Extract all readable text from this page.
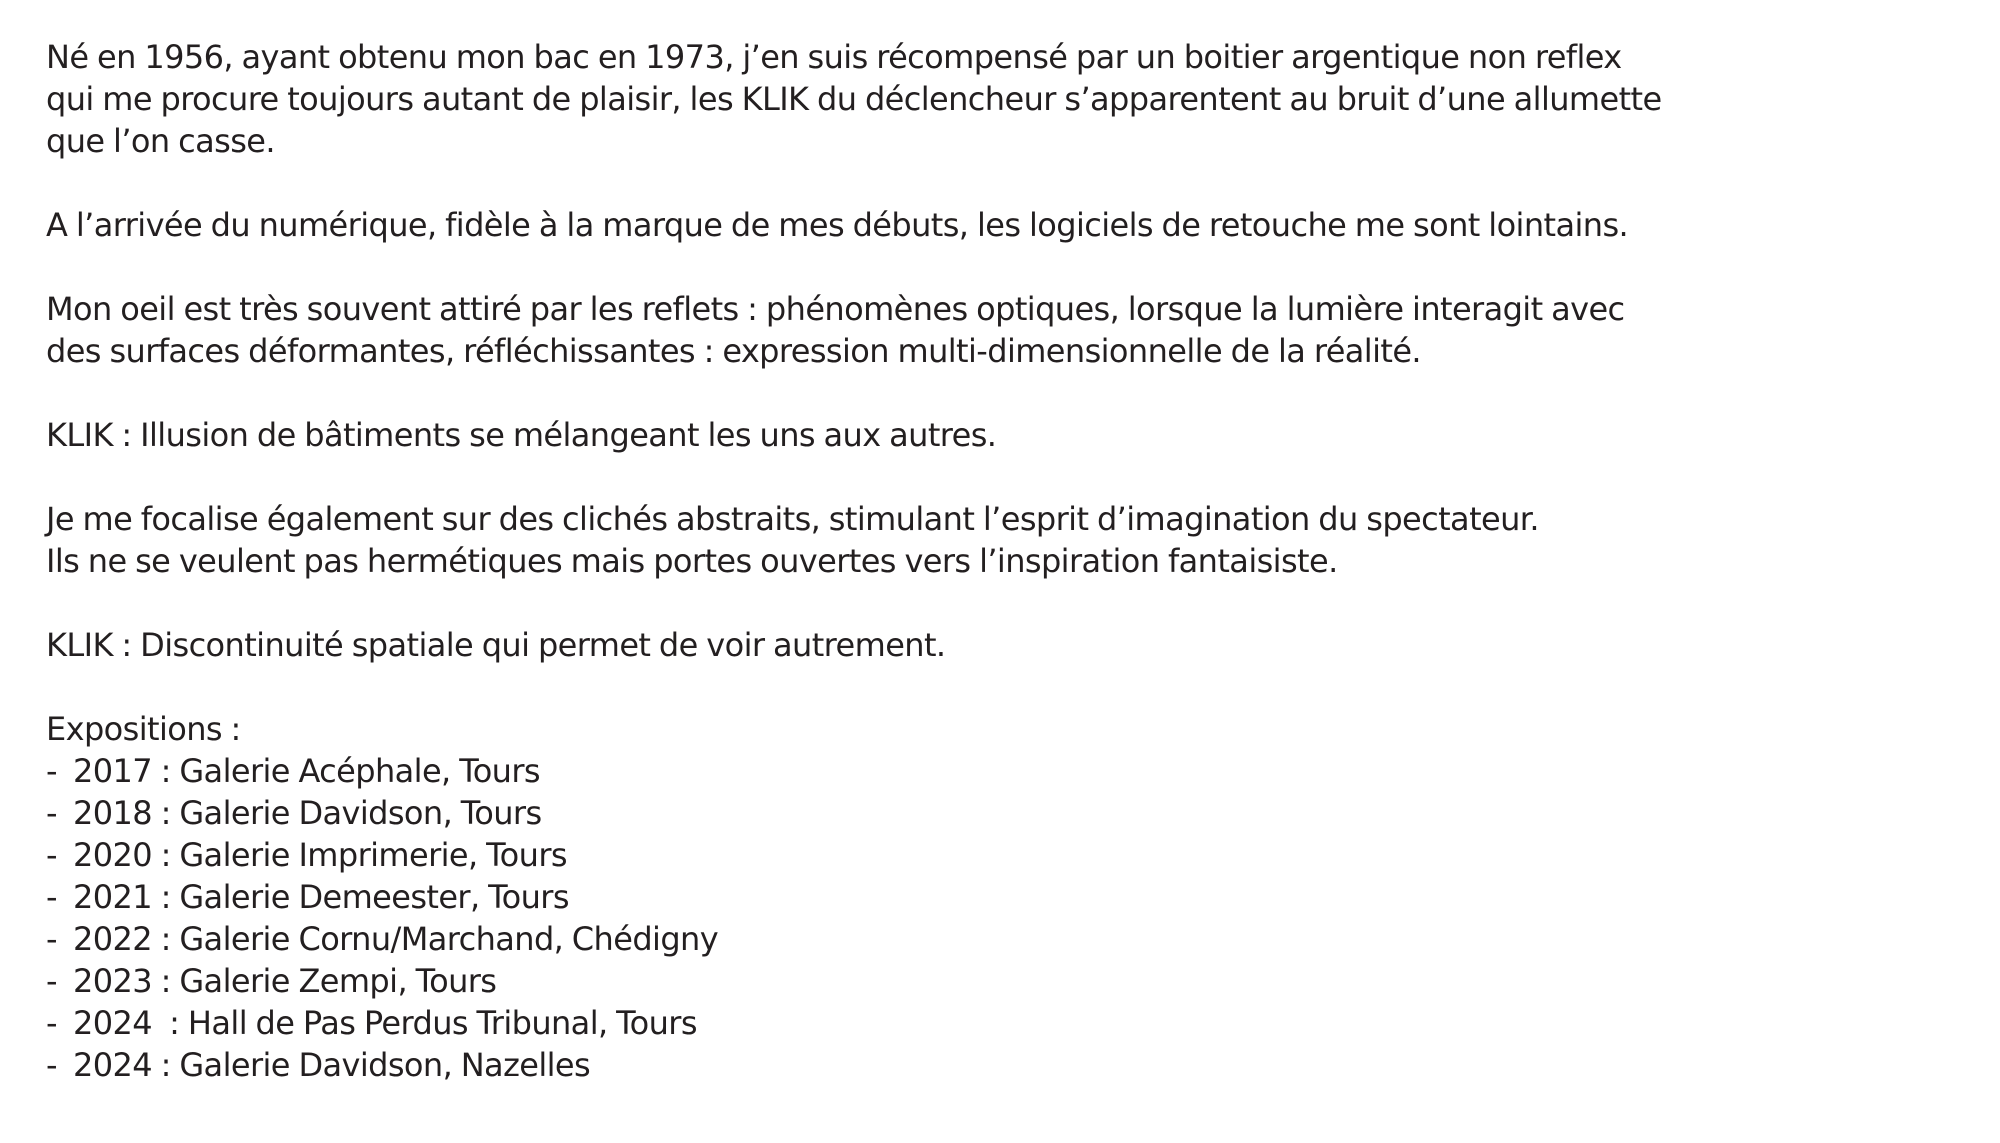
Né en 1956, ayant obtenu mon bac en 1973, j’en suis récompensé par un boitier argentique non reflex
qui me procure toujours autant de plaisir, les KLIK du déclencheur s’apparentent au bruit d’une allumette
que l’on casse.

A l’arrivée du numérique, fidèle à la marque de mes débuts, les logiciels de retouche me sont lointains.

Mon oeil est très souvent attiré par les reflets : phénomènes optiques, lorsque la lumière interagit avec
des surfaces déformantes, réfléchissantes : expression multi-dimensionnelle de la réalité.

KLIK : Illusion de bâtiments se mélangeant les uns aux autres.

Je me focalise également sur des clichés abstraits, stimulant l’esprit d’imagination du spectateur.
Ils ne se veulent pas hermétiques mais portes ouvertes vers l’inspiration fantaisiste.

KLIK : Discontinuité spatiale qui permet de voir autrement.

Expositions :
- 2017 : Galerie Acéphale, Tours
- 2018 : Galerie Davidson, Tours
- 2020 : Galerie Imprimerie, Tours
- 2021 : Galerie Demeester, Tours
- 2022 : Galerie Cornu/Marchand, Chédigny
- 2023 : Galerie Zempi, Tours
- 2024  : Hall de Pas Perdus Tribunal, Tours
- 2024 : Galerie Davidson, Nazelles
